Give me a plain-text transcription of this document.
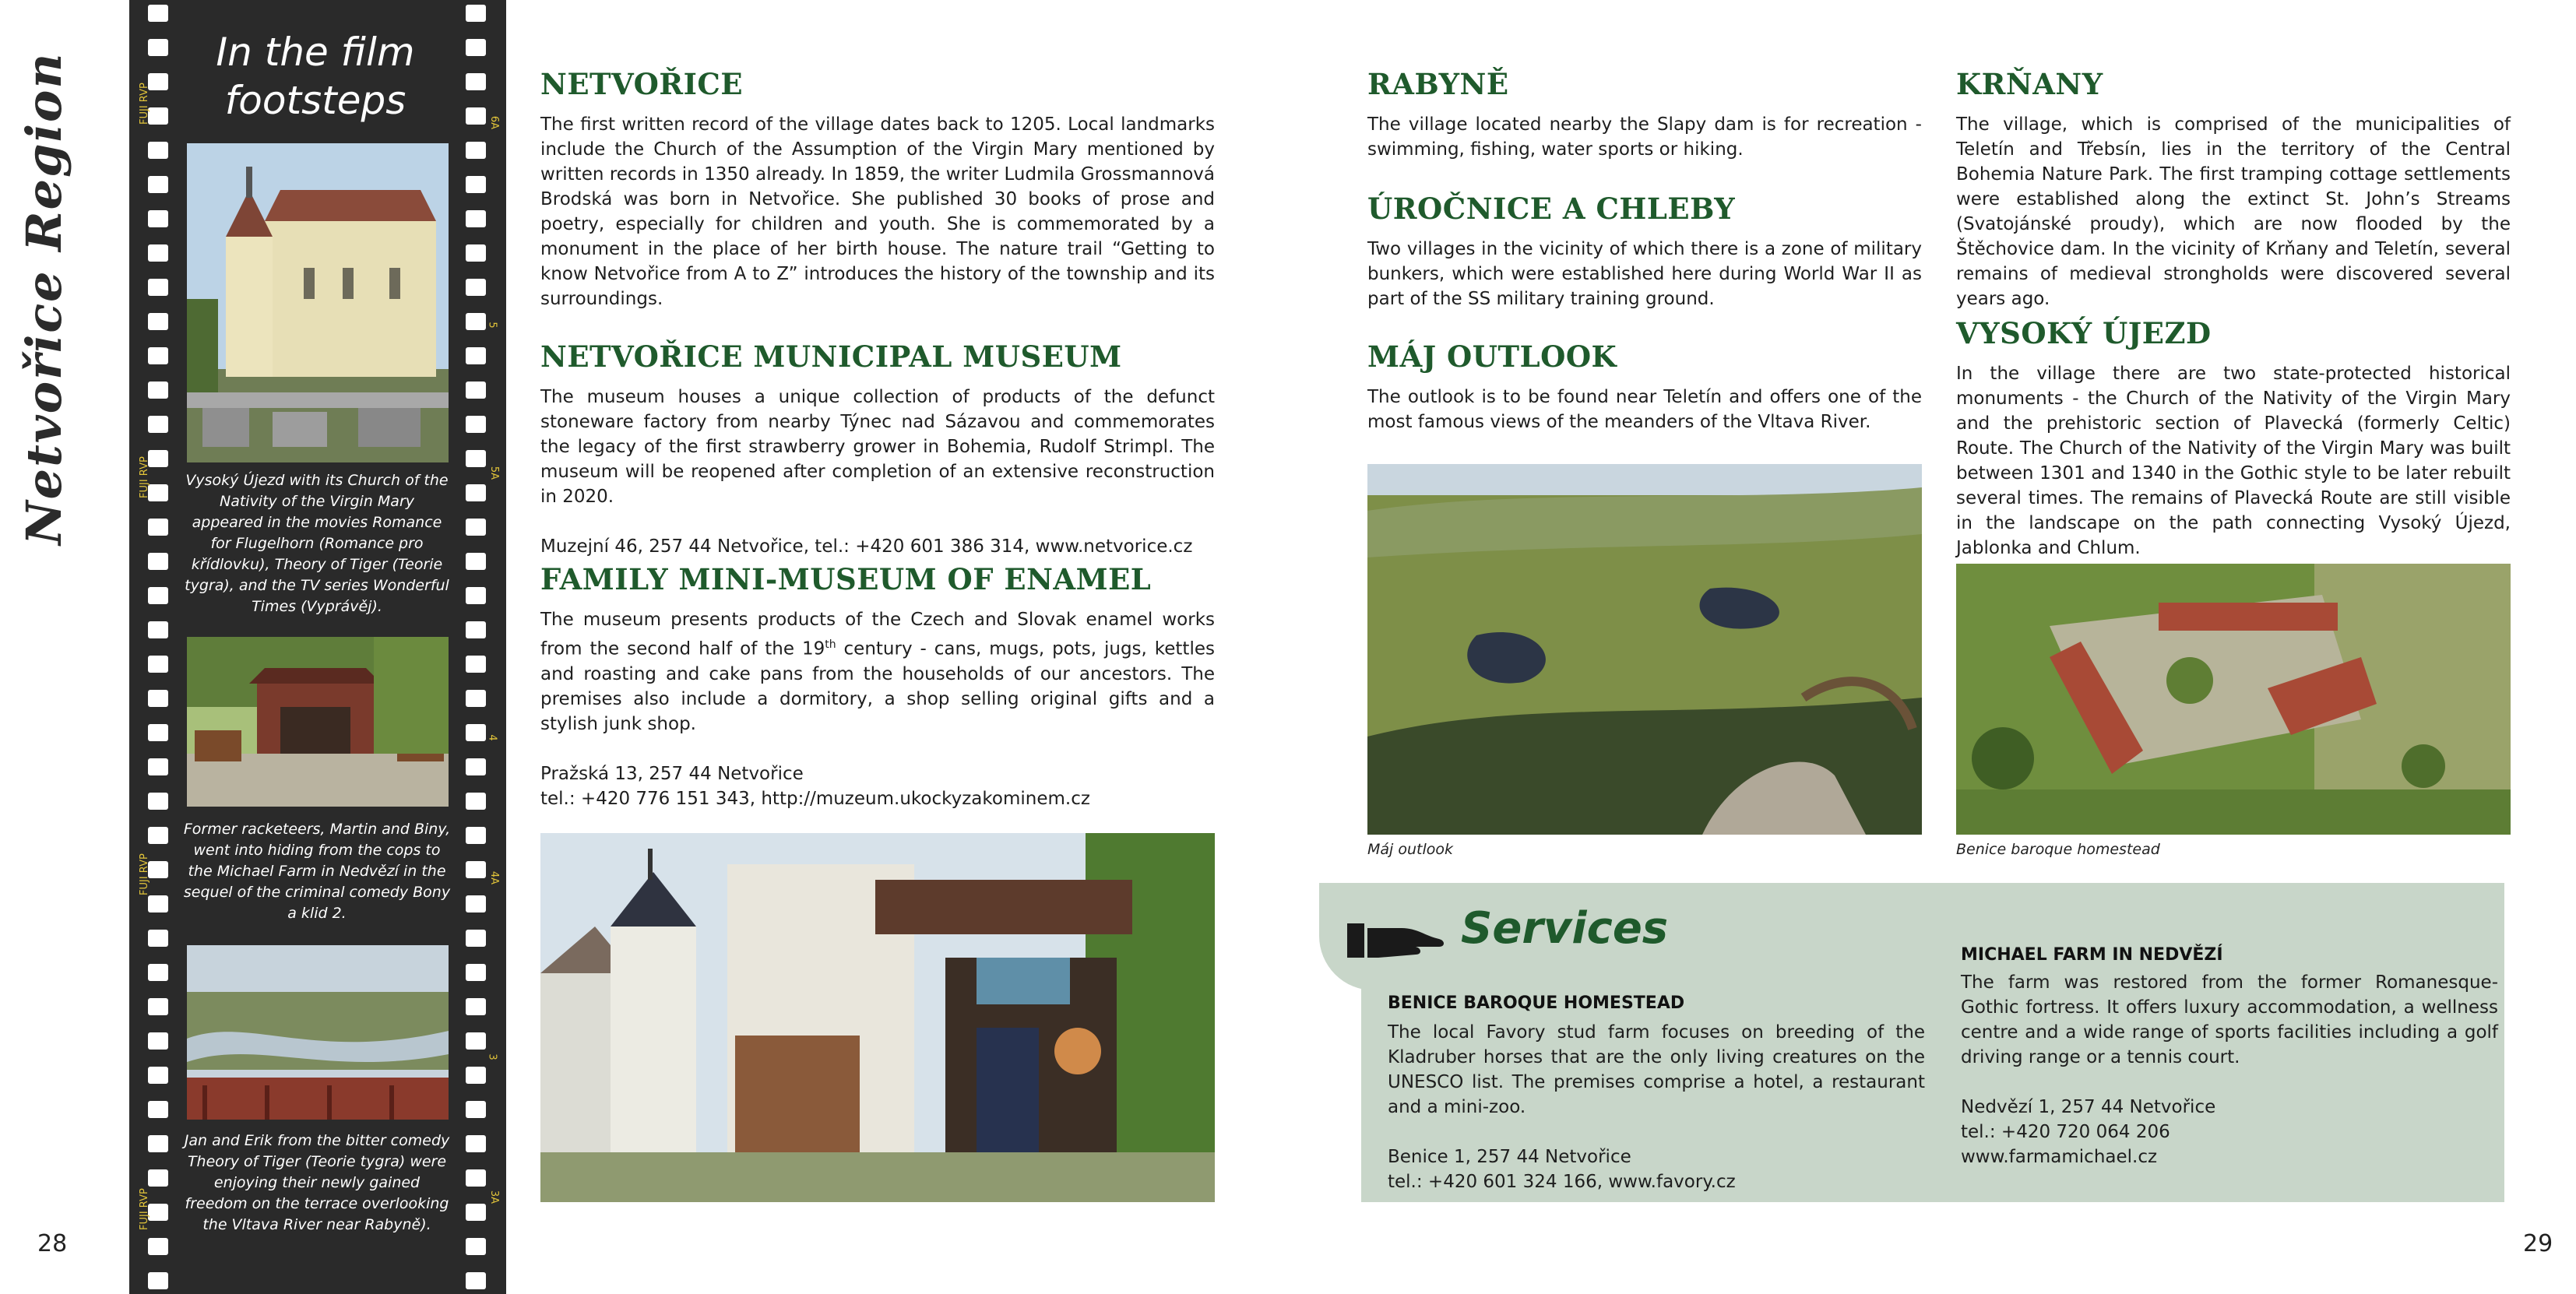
Netvořice Region	FUJI RVP
FUJI RVP
FUJI RVP
FUJI RVP
6A
5
5A
4
4A
3
3A
In the film
footsteps
Vysoký Újezd with its Church of the Nativity of the Virgin Mary appeared in the movies Romance for Flugelhorn (Romance pro křídlovku), Theory of Tiger (Teorie tygra), and the TV series Wonderful Times (Vyprávěj).
Former racketeers, Martin and Biny, went into hiding from the cops to the Michael Farm in Nedvězí in the sequel of the criminal comedy Bony a klid 2.
Jan and Erik from the bitter comedy Theory of Tiger (Teorie tygra) were enjoying their newly gained freedom on the terrace overlooking the Vltava River near Rabyně).
28
NETVOŘICE

The first written record of the village dates back to 1205. Local landmarks include the Church of the Assumption of the Virgin Mary mentioned by written records in 1350 already. In 1859, the writer Ludmila Grossmannová Brodská was born in Netvořice. She published 30 books of prose and poetry, especially for children and youth. She is commemorated by a monument in the place of her birth house. The nature trail “Getting to know Netvořice from A to Z” introduces the history of the township and its surroundings.

NETVOŘICE MUNICIPAL MUSEUM

The museum houses a unique collection of products of the defunct stoneware factory from nearby Týnec nad Sázavou and commemorates the legacy of the first strawberry grower in Bohemia, Rudolf Strimpl. The museum will be reopened after completion of an extensive reconstruction in 2020.

Muzejní 46, 257 44 Netvořice, tel.: +420 601 386 314, www.netvorice.cz

FAMILY MINI-MUSEUM OF ENAMEL

The museum presents products of the Czech and Slovak enamel works from the second half of the 19th century - cans, mugs, pots, jugs, kettles and roasting and cake pans from the households of our ancestors. The premises also include a dormitory, a shop selling original gifts and a stylish junk shop.

Pražská 13, 257 44 Netvořice

tel.: +420 776 151 343, http://muzeum.ukockyzakominem.cz

RABYNĚ

The village located nearby the Slapy dam is for recreation - swimming, fishing, water sports or hiking.

ÚROČNICE A CHLEBY

Two villages in the vicinity of which there is a zone of military bunkers, which were established here during World War II as part of the SS military training ground.

MÁJ OUTLOOK

The outlook is to be found near Teletín and offers one of the most famous views of the meanders of the Vltava River.

Máj outlook
KRŇANY

The village, which is comprised of the municipalities of Teletín and Třebsín, lies in the territory of the Central Bohemia Nature Park. The first tramping cottage settlements were established along the extinct St. John’s Streams (Svatojánské proudy), which are now flooded by the Štěchovice dam. In the vicinity of Krňany and Teletín, several remains of medieval strongholds were discovered several years ago.

VYSOKÝ ÚJEZD

In the village there are two state-protected historical monuments - the Church of the Nativity of the Virgin Mary and the prehistoric section of Plavecká (formerly Celtic) Route. The Church of the Nativity of the Virgin Mary was built between 1301 and 1340 in the Gothic style to be later rebuilt several times. The remains of Plavecká Route are still visible in the landscape on the path connecting Vysoký Újezd, Jablonka and Chlum.

Benice baroque homestead
Services
BENICE BAROQUE HOMESTEAD

The local Favory stud farm focuses on breeding of the Kladruber horses that are the only living creatures on the UNESCO list. The premises comprise a hotel, a restaurant and a mini-zoo.

Benice 1, 257 44 Netvořice

tel.: +420 601 324 166, www.favory.cz

MICHAEL FARM IN NEDVĚZÍ

The farm was restored from the former Romanesque-Gothic fortress. It offers luxury accommodation, a wellness centre and a wide range of sports facilities including a golf driving range or a tennis court.

Nedvězí 1, 257 44 Netvořice

tel.: +420 720 064 206

www.farmamichael.cz

29
